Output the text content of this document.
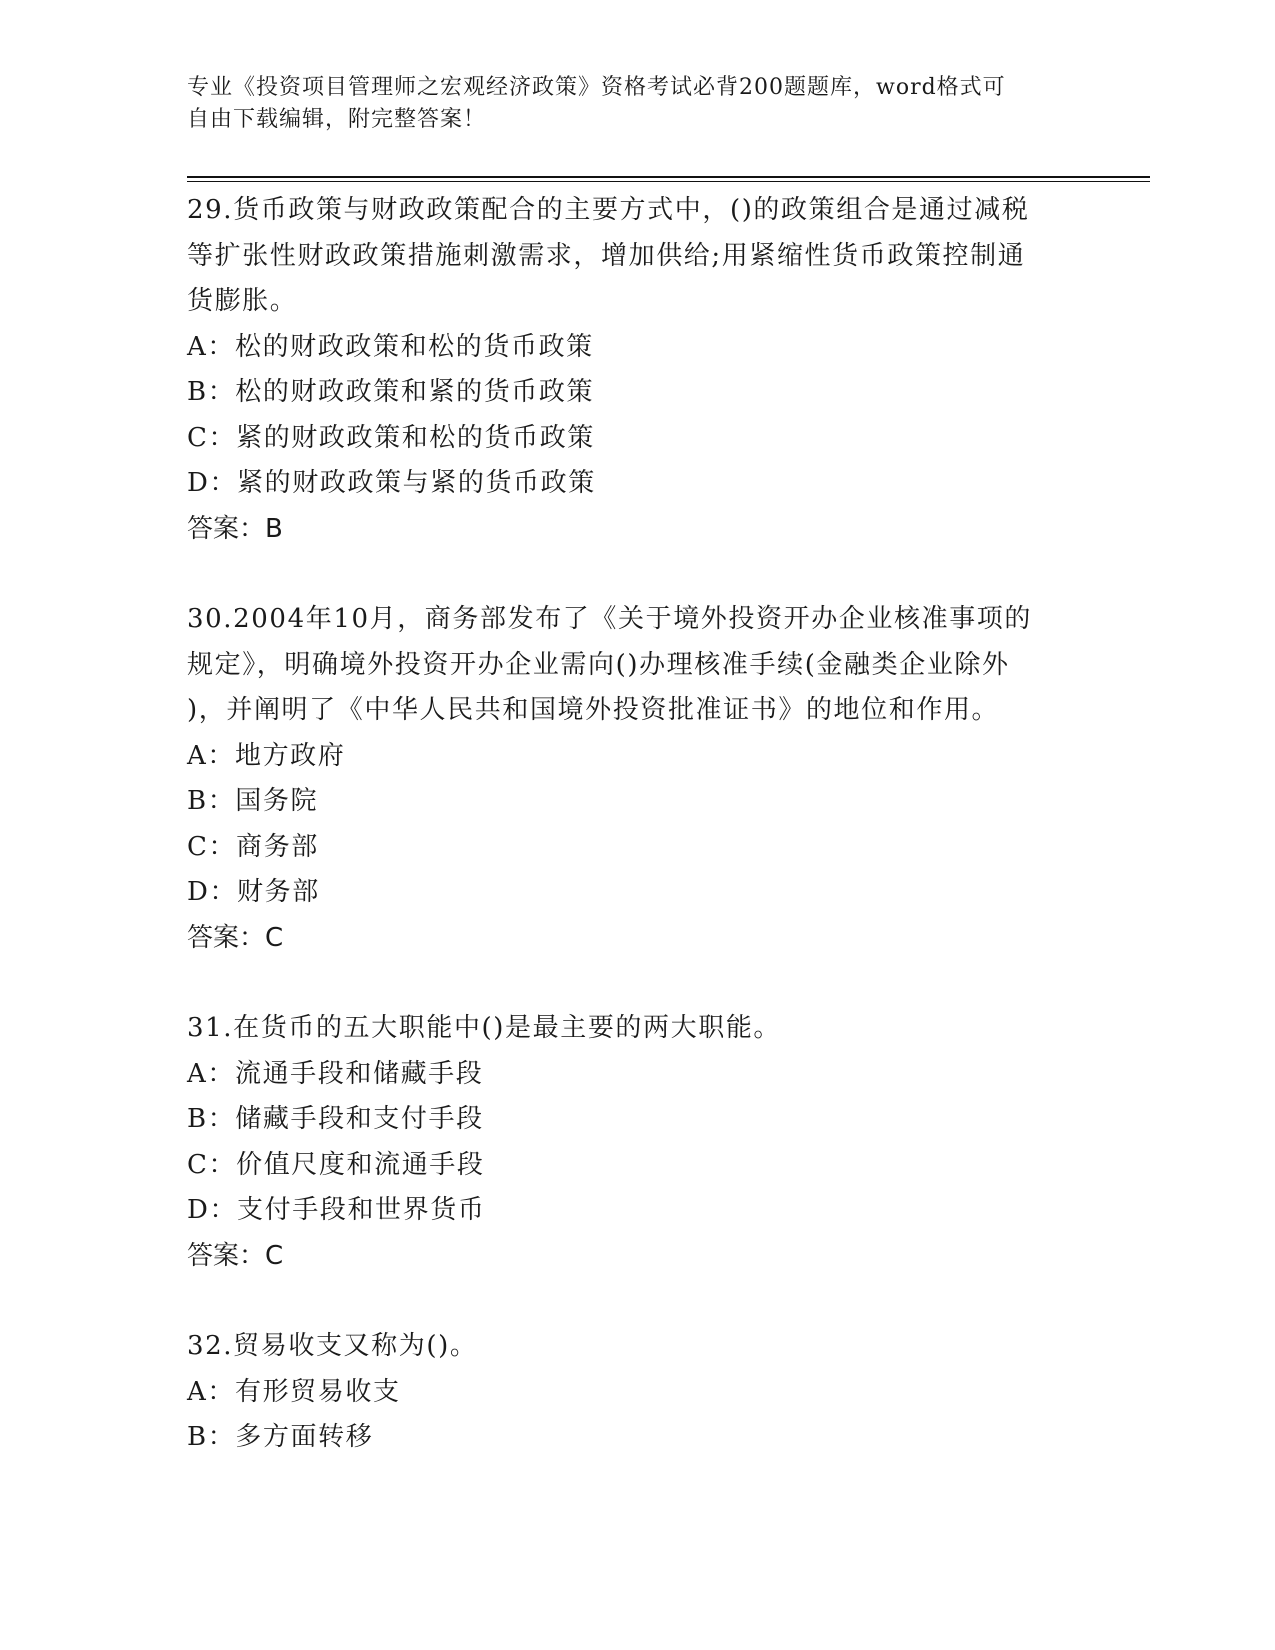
专业《投资项目管理师之宏观经济政策》资格考试必背200题题库，word格式可
自由下载编辑，附完整答案！

29.货币政策与财政政策配合的主要方式中，()的政策组合是通过减税

等扩张性财政政策措施刺激需求，增加供给;用紧缩性货币政策控制通

货膨胀。

A：松的财政政策和松的货币政策

B：松的财政政策和紧的货币政策

C：紧的财政政策和松的货币政策

D：紧的财政政策与紧的货币政策

答案：B

30.2004年10月，商务部发布了《关于境外投资开办企业核准事项的

规定》，明确境外投资开办企业需向()办理核准手续(金融类企业除外

)，并阐明了《中华人民共和国境外投资批准证书》的地位和作用。

A：地方政府

B：国务院

C：商务部

D：财务部

答案：C

31.在货币的五大职能中()是最主要的两大职能。

A：流通手段和储藏手段

B：储藏手段和支付手段

C：价值尺度和流通手段

D：支付手段和世界货币

答案：C

32.贸易收支又称为()。

A：有形贸易收支

B：多方面转移
